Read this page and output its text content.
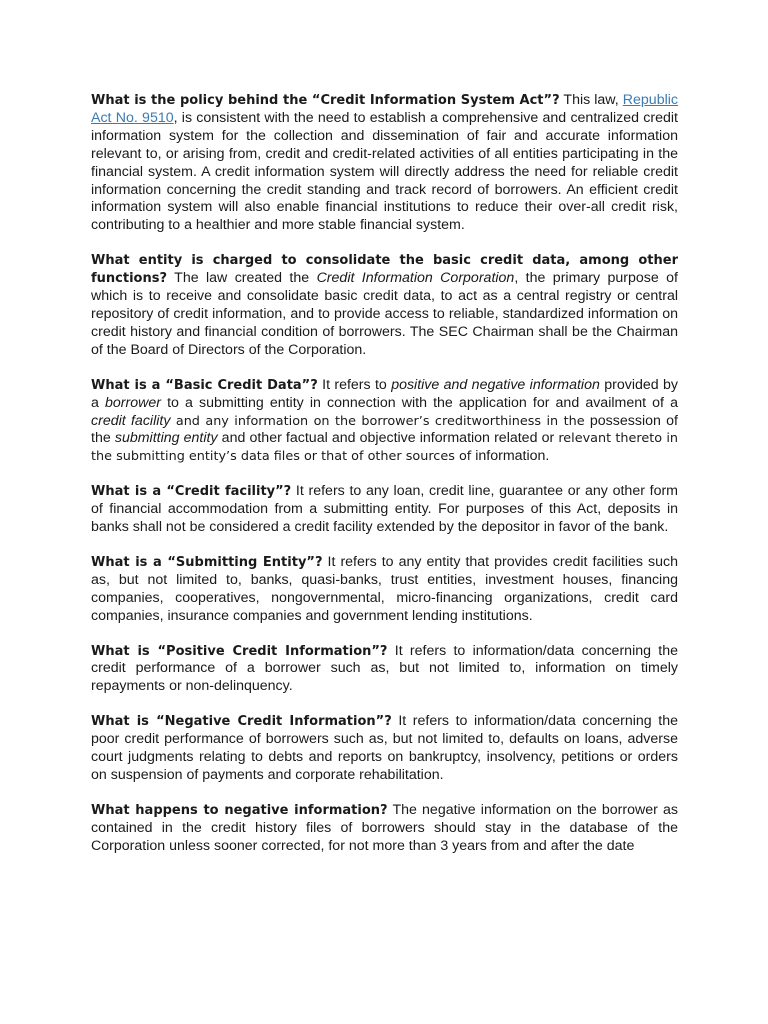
What is the policy behind the “Credit Information System Act”? This law, Republic Act No. 9510, is consistent with the need to establish a comprehensive and centralized credit information system for the collection and dissemination of fair and accurate information relevant to, or arising from, credit and credit-related activities of all entities participating in the financial system. A credit information system will directly address the need for reliable credit information concerning the credit standing and track record of borrowers. An efficient credit information system will also enable financial institutions to reduce their over-all credit risk, contributing to a healthier and more stable financial system.

What entity is charged to consolidate the basic credit data, among other functions? The law created the Credit Information Corporation, the primary purpose of which is to receive and consolidate basic credit data, to act as a central registry or central repository of credit information, and to provide access to reliable, standardized information on credit history and financial condition of borrowers. The SEC Chairman shall be the Chairman of the Board of Directors of the Corporation.

What is a “Basic Credit Data”? It refers to positive and negative information provided by a borrower to a submitting entity in connection with the application for and availment of a credit facility and any information on the borrower’s creditworthiness in the possession of the submitting entity and other factual and objective information related or relevant thereto in the submitting entity’s data files or that of other sources of information.

What is a “Credit facility”? It refers to any loan, credit line, guarantee or any other form of financial accommodation from a submitting entity. For purposes of this Act, deposits in banks shall not be considered a credit facility extended by the depositor in favor of the bank.

What is a “Submitting Entity”? It refers to any entity that provides credit facilities such as, but not limited to, banks, quasi-banks, trust entities, investment houses, financing companies, cooperatives, nongovernmental, micro-financing organizations, credit card companies, insurance companies and government lending institutions.

What is “Positive Credit Information”? It refers to information/data concerning the credit performance of a borrower such as, but not limited to, information on timely repayments or non-delinquency.

What is “Negative Credit Information”? It refers to information/data concerning the poor credit performance of borrowers such as, but not limited to, defaults on loans, adverse court judgments relating to debts and reports on bankruptcy, insolvency, petitions or orders on suspension of payments and corporate rehabilitation.

What happens to negative information? The negative information on the borrower as contained in the credit history files of borrowers should stay in the database of the Corporation unless sooner corrected, for not more than 3 years from and after the date
